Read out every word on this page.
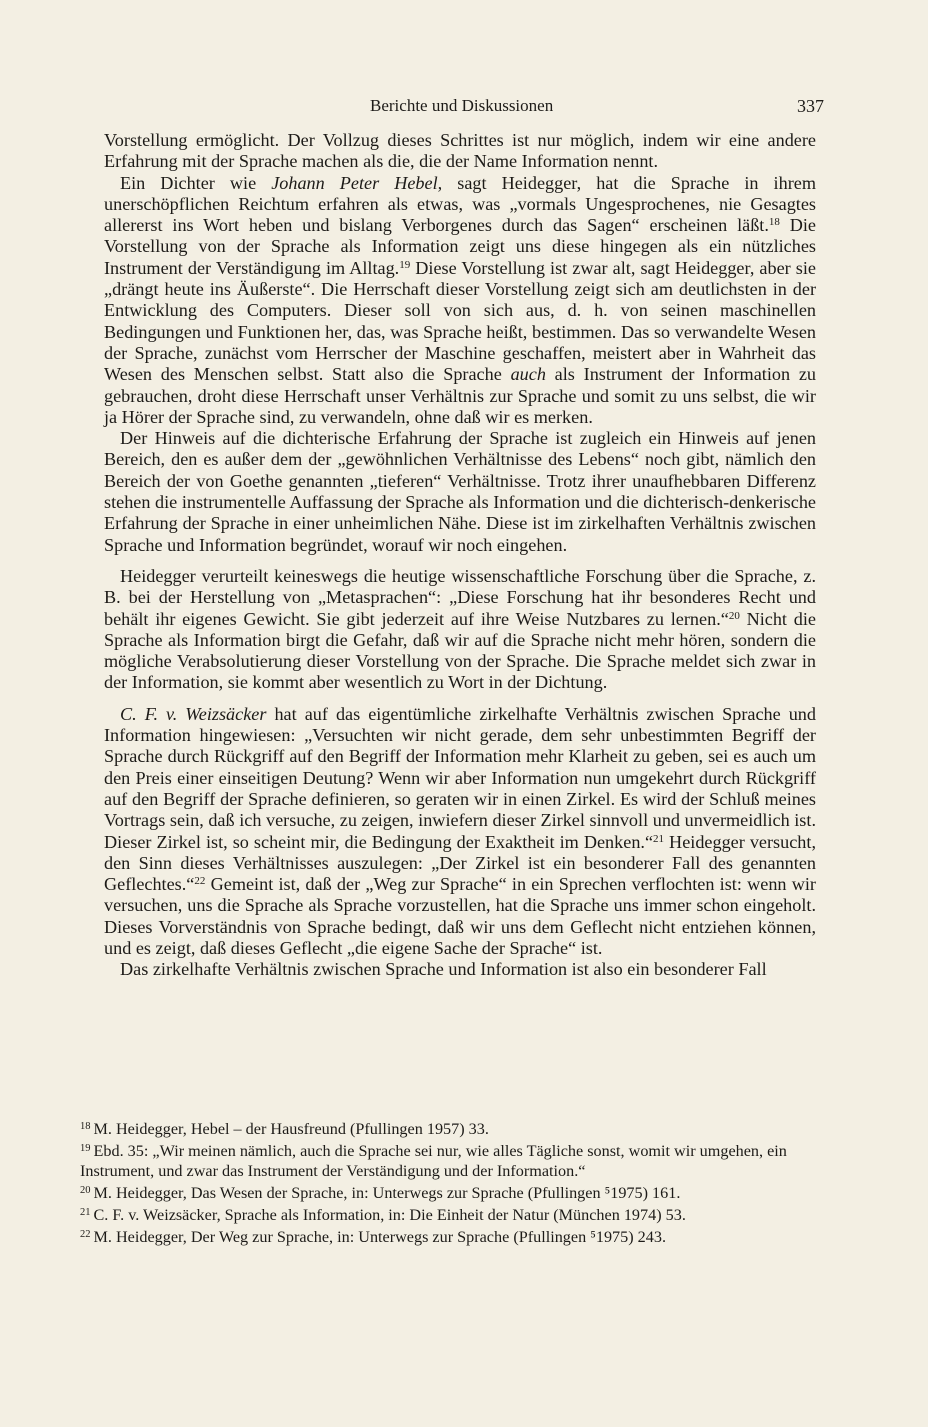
Berichte und Diskussionen	337

Vorstellung ermöglicht. Der Vollzug dieses Schrittes ist nur möglich, indem wir eine andere Erfahrung mit der Sprache machen als die, die der Name Information nennt.

Ein Dichter wie Johann Peter Hebel, sagt Heidegger, hat die Sprache in ihrem unerschöpflichen Reichtum erfahren als etwas, was „vormals Ungesprochenes, nie Gesagtes allererst ins Wort heben und bislang Verborgenes durch das Sagen“ erscheinen läßt.$^{18}$ Die Vorstellung von der Sprache als Information zeigt uns diese hingegen als ein nützliches Instrument der Verständigung im Alltag.$^{19}$ Diese Vorstellung ist zwar alt, sagt Heidegger, aber sie „drängt heute ins Äußerste“. Die Herrschaft dieser Vorstellung zeigt sich am deutlichsten in der Entwicklung des Computers. Dieser soll von sich aus, d. h. von seinen maschinellen Bedingungen und Funktionen her, das, was Sprache heißt, bestimmen. Das so verwandelte Wesen der Sprache, zunächst vom Herrscher der Maschine geschaffen, meistert aber in Wahrheit das Wesen des Menschen selbst. Statt also die Sprache auch als Instrument der Information zu gebrauchen, droht diese Herrschaft unser Verhältnis zur Sprache und somit zu uns selbst, die wir ja Hörer der Sprache sind, zu verwandeln, ohne daß wir es merken.

Der Hinweis auf die dichterische Erfahrung der Sprache ist zugleich ein Hinweis auf jenen Bereich, den es außer dem der „gewöhnlichen Verhältnisse des Lebens“ noch gibt, nämlich den Bereich der von Goethe genannten „tieferen“ Verhältnisse. Trotz ihrer unaufhebbaren Differenz stehen die instrumentelle Auffassung der Sprache als Information und die dichterisch-denkerische Erfahrung der Sprache in einer unheimlichen Nähe. Diese ist im zirkelhaften Verhältnis zwischen Sprache und Information begründet, worauf wir noch eingehen.

Heidegger verurteilt keineswegs die heutige wissenschaftliche Forschung über die Sprache, z. B. bei der Herstellung von „Metasprachen“: „Diese Forschung hat ihr besonderes Recht und behält ihr eigenes Gewicht. Sie gibt jederzeit auf ihre Weise Nutzbares zu lernen.“$^{20}$ Nicht die Sprache als Information birgt die Gefahr, daß wir auf die Sprache nicht mehr hören, sondern die mögliche Verabsolutierung dieser Vorstellung von der Sprache. Die Sprache meldet sich zwar in der Information, sie kommt aber wesentlich zu Wort in der Dichtung.

C. F. v. Weizsäcker hat auf das eigentümliche zirkelhafte Verhältnis zwischen Sprache und Information hingewiesen: „Versuchten wir nicht gerade, dem sehr unbestimmten Begriff der Sprache durch Rückgriff auf den Begriff der Information mehr Klarheit zu geben, sei es auch um den Preis einer einseitigen Deutung? Wenn wir aber Information nun umgekehrt durch Rückgriff auf den Begriff der Sprache definieren, so geraten wir in einen Zirkel. Es wird der Schluß meines Vortrags sein, daß ich versuche, zu zeigen, inwiefern dieser Zirkel sinnvoll und unvermeidlich ist. Dieser Zirkel ist, so scheint mir, die Bedingung der Exaktheit im Denken.“$^{21}$ Heidegger versucht, den Sinn dieses Verhältnisses auszulegen: „Der Zirkel ist ein besonderer Fall des genannten Geflechtes.“$^{22}$ Gemeint ist, daß der „Weg zur Sprache“ in ein Sprechen verflochten ist: wenn wir versuchen, uns die Sprache als Sprache vorzustellen, hat die Sprache uns immer schon eingeholt. Dieses Vorverständnis von Sprache bedingt, daß wir uns dem Geflecht nicht entziehen können, und es zeigt, daß dieses Geflecht „die eigene Sache der Sprache“ ist.

Das zirkelhafte Verhältnis zwischen Sprache und Information ist also ein besonderer Fall

$^{18}$ M. Heidegger, Hebel – der Hausfreund (Pfullingen 1957) 33.

$^{19}$ Ebd. 35: „Wir meinen nämlich, auch die Sprache sei nur, wie alles Tägliche sonst, womit wir umgehen, ein Instrument, und zwar das Instrument der Verständigung und der Information.“

$^{20}$ M. Heidegger, Das Wesen der Sprache, in: Unterwegs zur Sprache (Pfullingen ⁵1975) 161.

$^{21}$ C. F. v. Weizsäcker, Sprache als Information, in: Die Einheit der Natur (München 1974) 53.

$^{22}$ M. Heidegger, Der Weg zur Sprache, in: Unterwegs zur Sprache (Pfullingen ⁵1975) 243.
